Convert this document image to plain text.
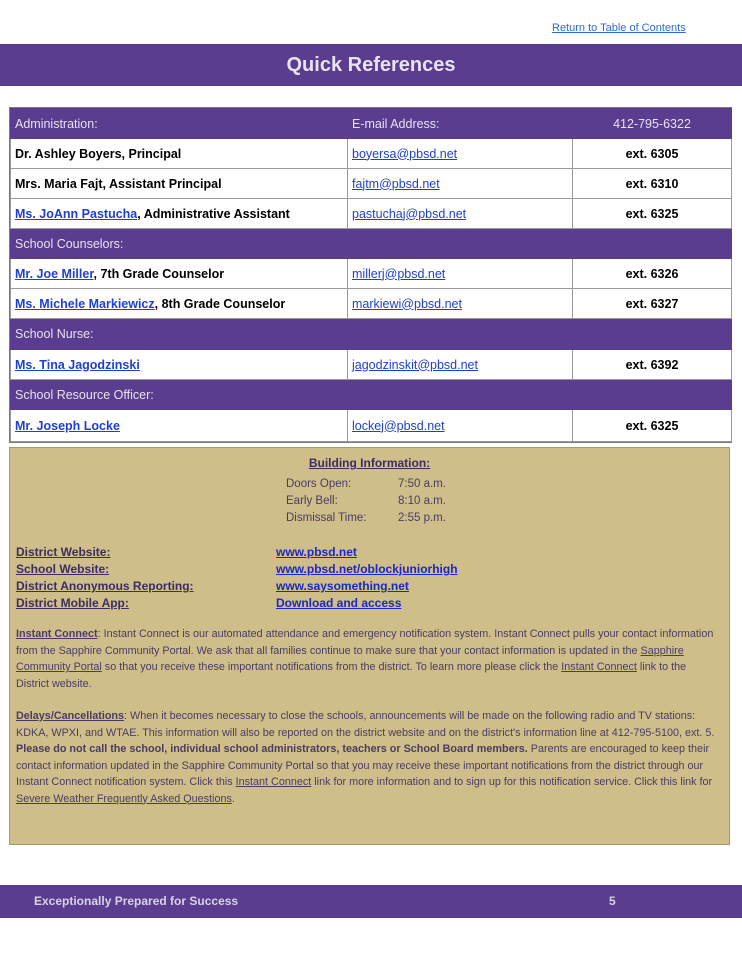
Return to Table of Contents
Quick References
Administration:	E-mail Address:	412-795-6322
Dr. Ashley Boyers, Principal	boyersa@pbsd.net	ext. 6305
Mrs. Maria Fajt, Assistant Principal	fajtm@pbsd.net	ext. 6310
Ms. JoAnn Pastucha, Administrative Assistant	pastuchaj@pbsd.net	ext. 6325
School Counselors:		
Mr. Joe Miller, 7th Grade Counselor	millerj@pbsd.net	ext. 6326
Ms. Michele Markiewicz, 8th Grade Counselor	markiewi@pbsd.net	ext. 6327
School Nurse:		
Ms. Tina Jagodzinski	jagodzinskit@pbsd.net	ext. 6392
School Resource Officer:		
Mr. Joseph Locke	lockej@pbsd.net	ext. 6325
Building Information:
Doors Open:	7:50 a.m.
Early Bell:	8:10 a.m.
Dismissal Time:	2:55 p.m.
District Website:	www.pbsd.net
School Website:	www.pbsd.net/oblockjuniorhigh
District Anonymous Reporting:	www.saysomething.net
District Mobile App:	Download and access
Instant Connect: Instant Connect is our automated attendance and emergency notification system. Instant Connect pulls your contact information from the Sapphire Community Portal. We ask that all families continue to make sure that your contact information is updated in the Sapphire Community Portal so that you receive these important notifications from the district. To learn more please click the Instant Connect link to the District website.
Delays/Cancellations: When it becomes necessary to close the schools, announcements will be made on the following radio and TV stations: KDKA, WPXI, and WTAE. This information will also be reported on the district website and on the district's information line at 412-795-5100, ext. 5. Please do not call the school, individual school administrators, teachers or School Board members. Parents are encouraged to keep their contact information updated in the Sapphire Community Portal so that you may receive these important notifications from the district through our Instant Connect notification system. Click this Instant Connect link for more information and to sign up for this notification service. Click this link for Severe Weather Frequently Asked Questions.
Exceptionally Prepared for Success	5
